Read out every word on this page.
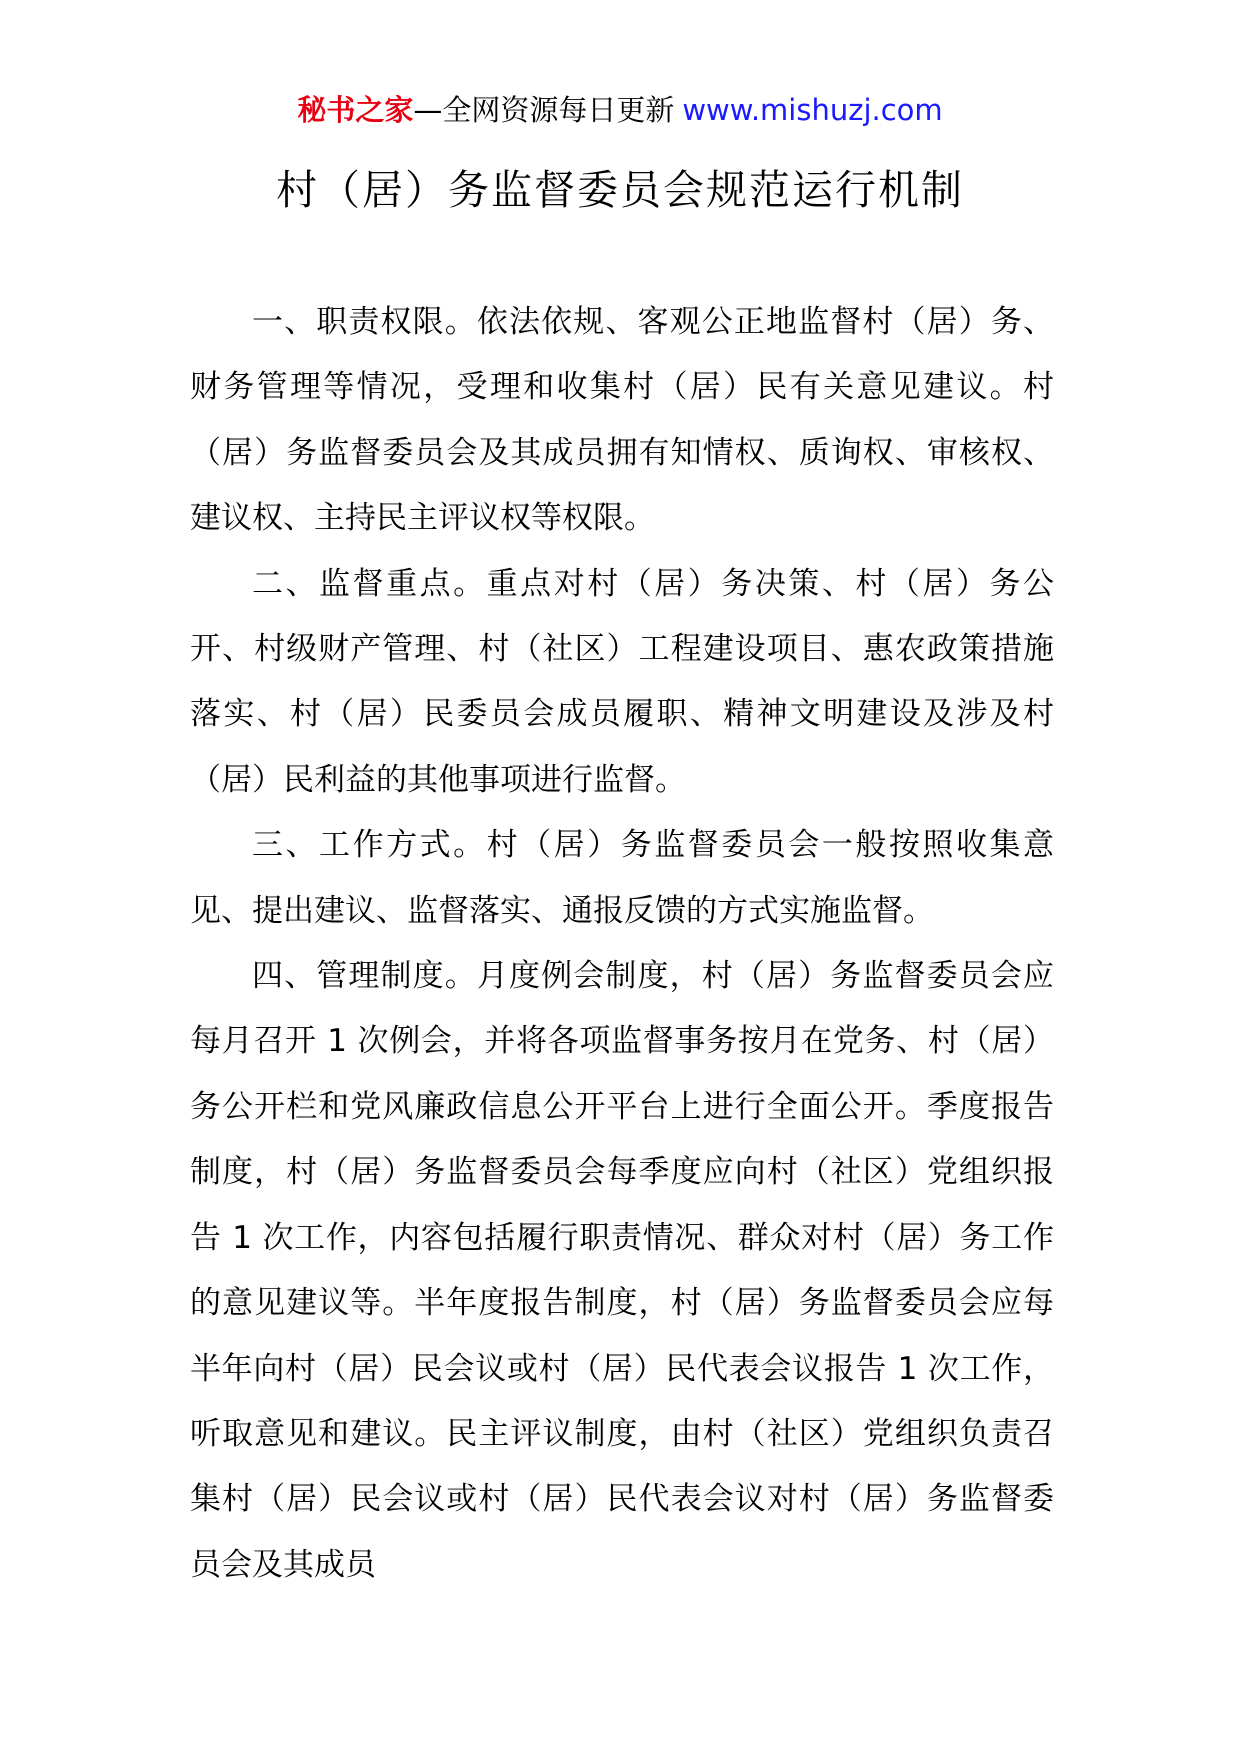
秘书之家—全网资源每日更新 www.mishuzj.com
村（居）务监督委员会规范运行机制

一、职责权限。依法依规、客观公正地监督村（居）务、财务管理等情况，受理和收集村（居）民有关意见建议。村（居）务监督委员会及其成员拥有知情权、质询权、审核权、建议权、主持民主评议权等权限。

二、监督重点。重点对村（居）务决策、村（居）务公开、村级财产管理、村（社区）工程建设项目、惠农政策措施落实、村（居）民委员会成员履职、精神文明建设及涉及村（居）民利益的其他事项进行监督。

三、工作方式。村（居）务监督委员会一般按照收集意见、提出建议、监督落实、通报反馈的方式实施监督。

四、管理制度。月度例会制度，村（居）务监督委员会应每月召开 1 次例会，并将各项监督事务按月在党务、村（居）务公开栏和党风廉政信息公开平台上进行全面公开。季度报告制度，村（居）务监督委员会每季度应向村（社区）党组织报告 1 次工作，内容包括履行职责情况、群众对村（居）务工作的意见建议等。半年度报告制度，村（居）务监督委员会应每半年向村（居）民会议或村（居）民代表会议报告 1 次工作，听取意见和建议。民主评议制度，由村（社区）党组织负责召集村（居）民会议或村（居）民代表会议对村（居）务监督委员会及其成员
